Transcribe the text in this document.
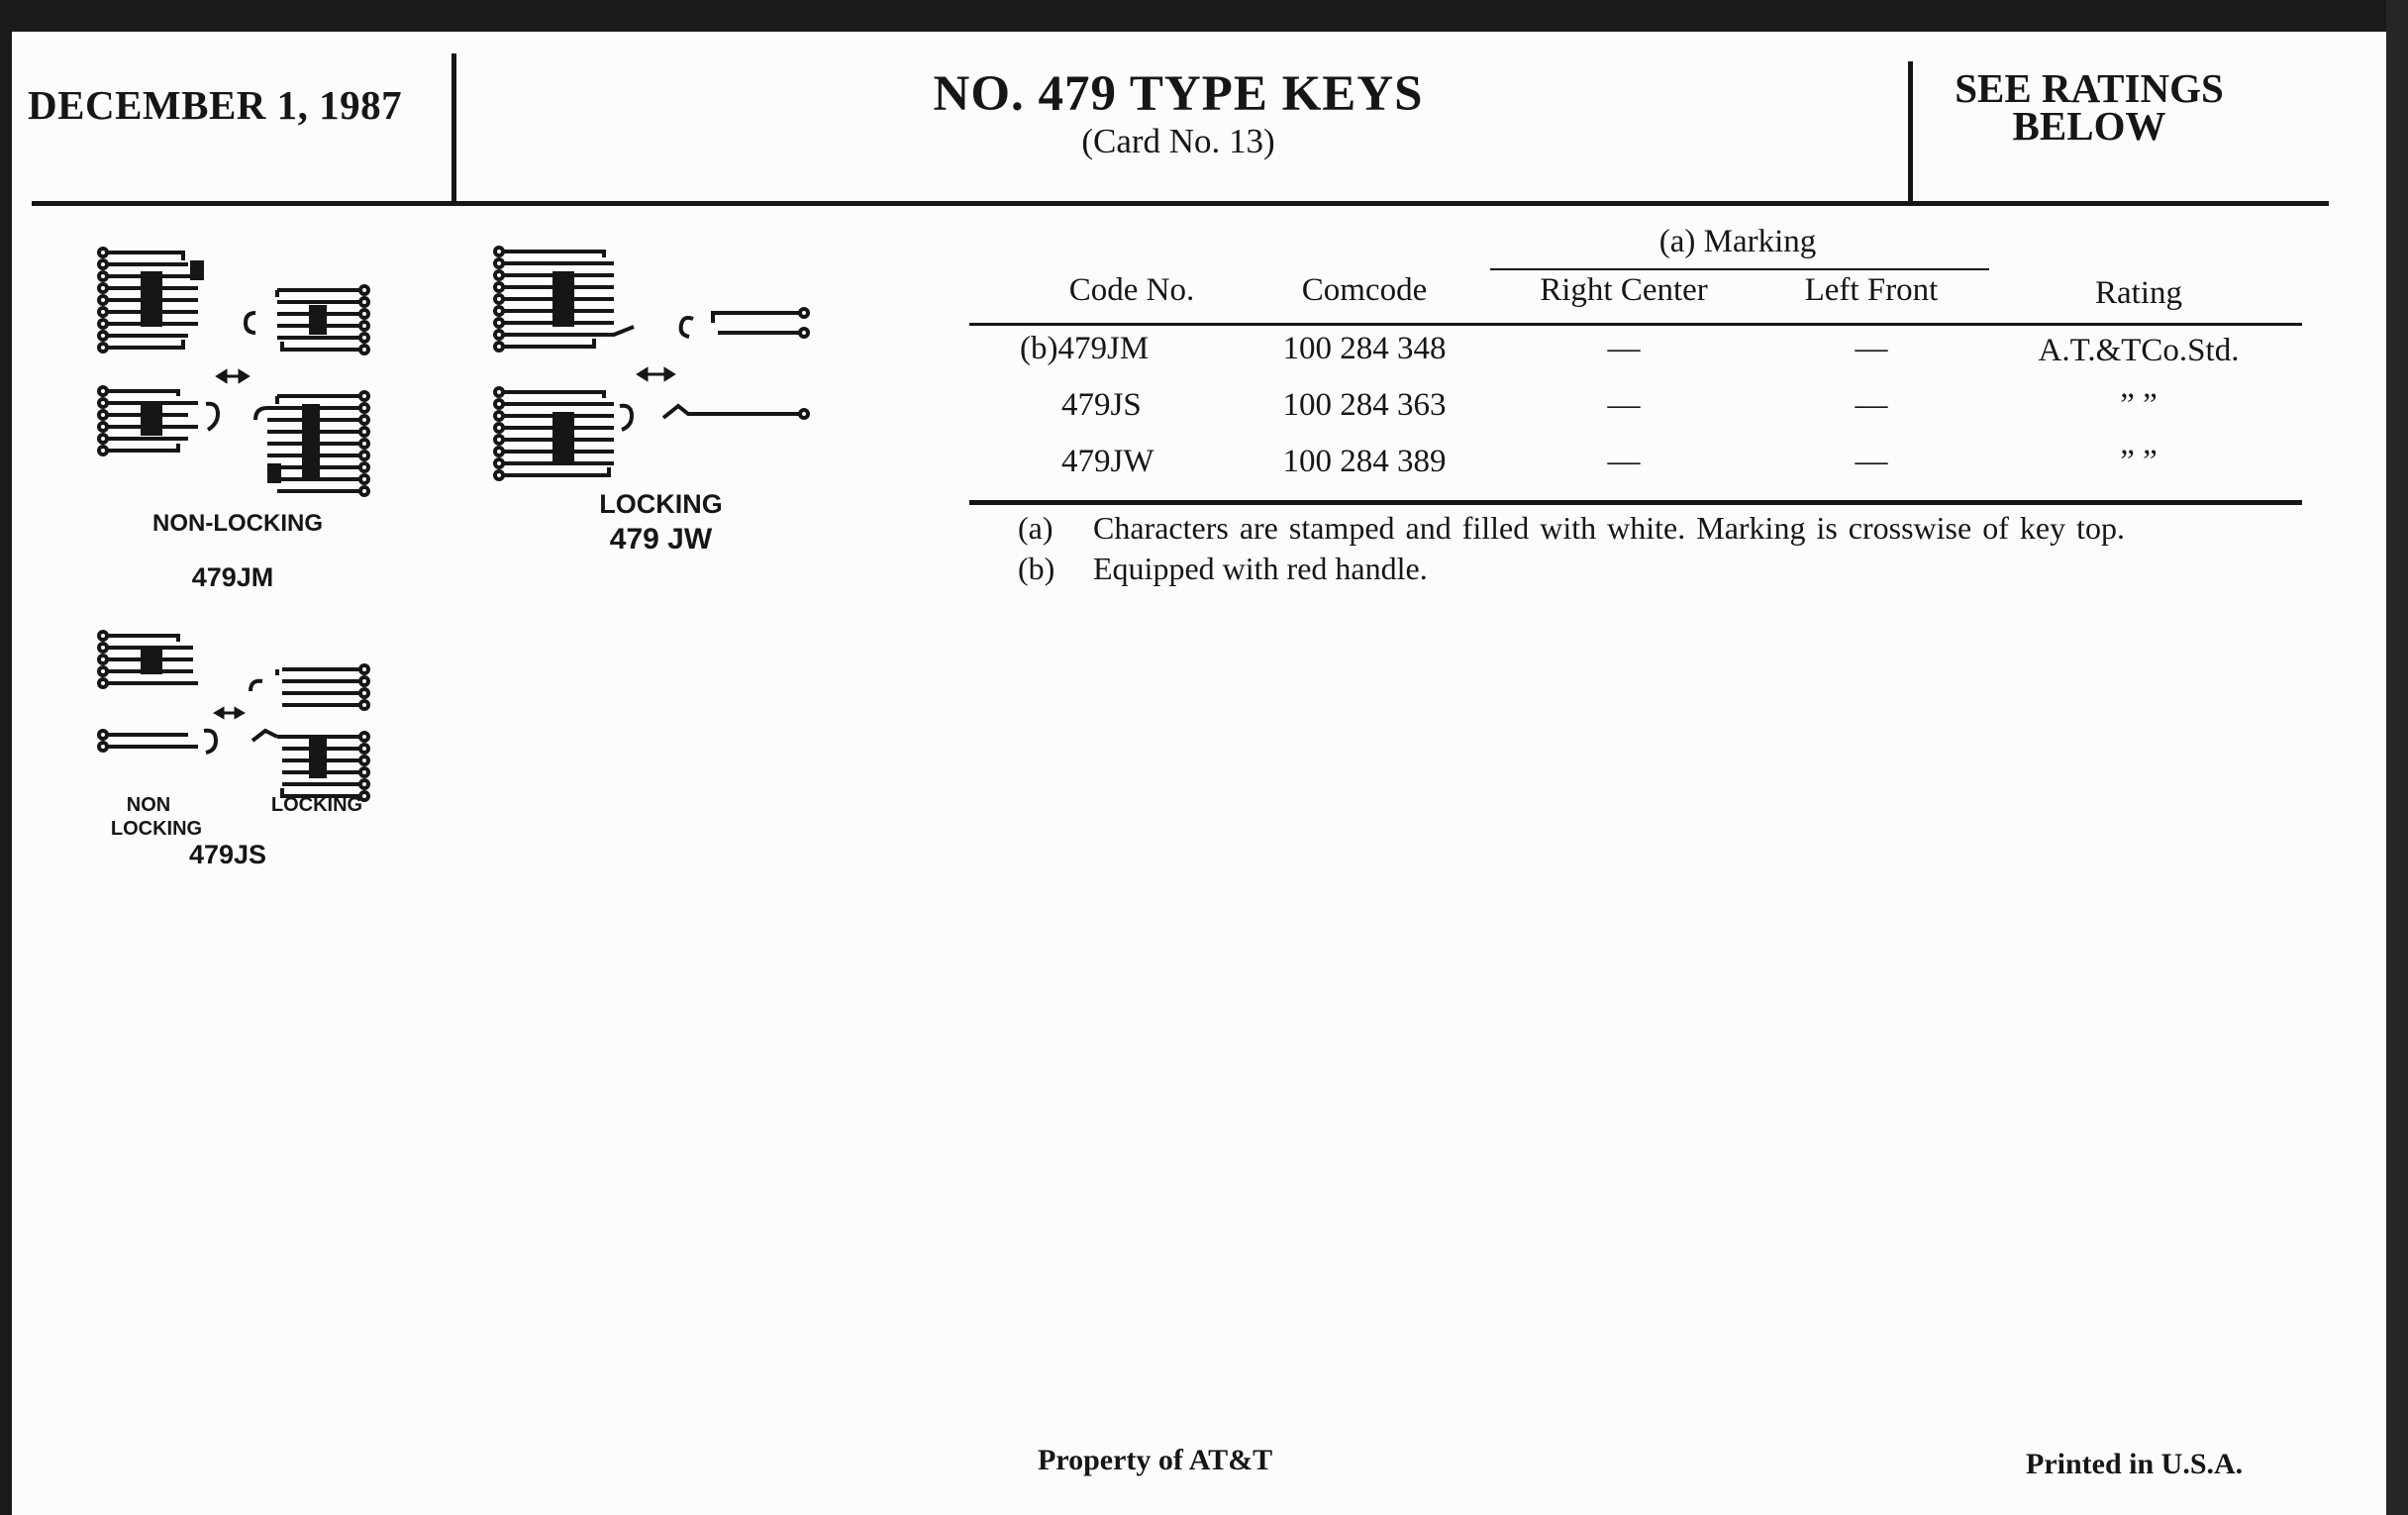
DECEMBER 1, 1987	NO. 479 TYPE KEYS
(Card No. 13)
SEE RATINGS
BELOW
NON-LOCKING
479JM
LOCKING
479 JW
NON
LOCKING
LOCKING
479JS
(a) Marking
Code No.	Comcode	Right Center	Left Front	Rating
(b)479JM	100 284 348	—	—	A.T.&TCo.Std.
479JS	100 284 363	—	—	” ”
479JW	100 284 389	—	—	” ”
(a) Characters are stamped and filled with white. Marking is crosswise of key top.
(b) Equipped with red handle.
Property of AT&T	Printed in U.S.A.
